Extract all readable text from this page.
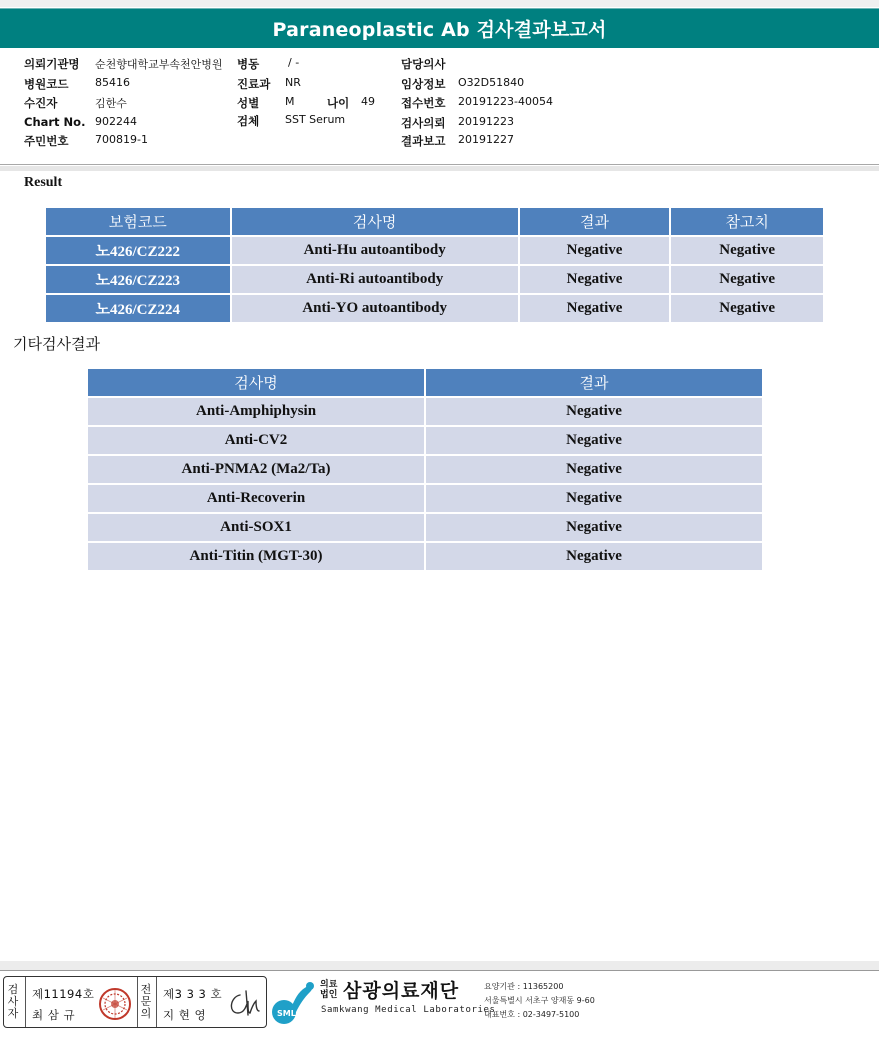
Paraneoplastic Ab 검사결과보고서
의뢰기관명 순천향대학교부속천안병원
병원코드 85416
수진자	김한수
Chart No. 902244
주민번호 700819-1
병동	/ -
진료과 NR
성별 M	나이 49
검체 SST Serum
담당의사
임상정보 O32D51840
접수번호 20191223-40054
검사의뢰 20191223
결과보고 20191227
Result
보험코드	검사명	결과	참고치
노426/CZ222	Anti-Hu autoantibody	Negative	Negative
노426/CZ223	Anti-Ri autoantibody	Negative	Negative
노426/CZ224	Anti-YO autoantibody	Negative	Negative
기타검사결과
검사명	결과
Anti-Amphiphysin	Negative
Anti-CV2	Negative
Anti-PNMA2 (Ma2/Ta)	Negative
Anti-Recoverin	Negative
Anti-SOX1	Negative
Anti-Titin (MGT-30)	Negative
검
사
자
제11194호
최 삼 규
전
문
의
제3 3 3 호
지 현 영	SML
의료
법인 삼광의료재단
Samkwang Medical Laboratories
요양기관 : 11365200
서울특별시 서초구 양재동 9-60
대표번호 : 02-3497-5100
